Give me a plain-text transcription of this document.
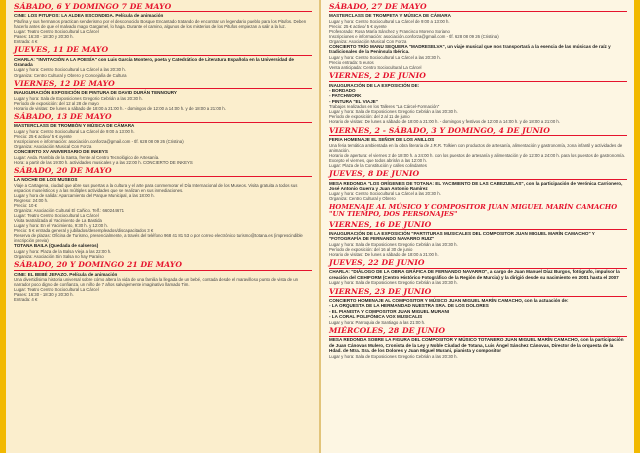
SÁBADO, 6 Y DOMINGO 7 DE MAYO
CINE: LOS PITUFOS: LA ALDEA ESCONDIDA. Película de animación
Pitufina y sus hermanos practican senderismo por el desconocido Bosque Encantado tratando de encontrar un legendario pueblo para los Pitufos. Deben hacerlo antes de que el malvado mago Gargamel, lo haga. Durante el camino, algunos de los misterios de los Pitufos empiezan a salir a la luz.
Lugar: Teatro Centro Sociocultural La Cárcel
Pases: 16:30 - 18:30 y 20:30 h.
Entrada: 4 €
JUEVES, 11 DE MAYO
CHARLA: "INVITACIÓN A LA POESÍA" con Luis García Montero, poeta y Catedrático de Literatura Española en la Universidad de Granada
Lugar y hora: Centro Sociocultural La Cárcel a las 20:30 h.
Organiza: Centro Cultural y Obrero y Concejalía de Cultura
VIERNES, 12 DE MAYO
INAUGURACIÓN EXPOSICIÓN DE PINTURA DE DAVID DURÁN TENNOURY
Lugar y hora: Sala de Exposiciones Gregorio Cebrián a las 20:30 h.
Período de exposición: del 12 al 28 de mayo
Horario de visitas: De lunes a sábado de 18:00 a 21:00 h. - domingos de 12:00 a 14:00 h. y de 18:00 a 21:00 h.
SÁBADO, 13 DE MAYO
MASTERCLASS DE TROMBÓN Y MÚSICA DE CÁMARA
Lugar y hora: Centro Sociocultural La Cárcel de 9:00 a 13:00 h.
Precio: 25 € activo/ 5 € oyente
Inscripciones e información: asociación.conforza@gmail.com - tlf. 628 08 09 26 (Cristina)
Organiza: Asociación Musical Con Forza
CONCIERTO XV ANIVERSARIO DE INKEYS
Lugar: Avda. Rambla de la Santa, frente al Centro Tecnológico de Artesanía.
Hora: a partir de las 19:00 h. actividades musicales y a las 22:00 h. CONCIERTO DE INKEYS
SÁBADO, 20 DE MAYO
LA NOCHE DE LOS MUSEOS
Viaje a Cartagena, ciudad que abre sus puertas a la cultura y el arte para conmemorar el Día Internacional de los Museos. Visita gratuita a todos sus espacios museísticos y a las múltiples actividades que se realizan en sus inmediaciones.
Lugar y hora de salida: Aparcamiento del Parque Municipal, a las 18:00 h.
Regreso: 24:00 h.
Precio: 10 €
Organiza: Asociación Cultural El Cañico. Telf.: 660244671
Lugar: Teatro Centro Sociocultural La Cárcel
Visita teatralizada al Yacimiento de La Bastida
Lugar y hora: En el Yacimiento, 9:30 h. y 12:00 h.
Precio: 5 € entrada general y jubilados/desempleados/discapacitados 3 €
Reserva de plazas: Oficina de Turismo, presencialmente, a través del teléfono 968 41 81 53 o por correo electrónico turismo@totana.es (imprescindible inscripción previa)
TOTANA BAILA (Quedada de salseros)
Lugar y hora: Plaza de la Balsa Vieja a las 22:00 h.
Organiza: Asociación Sin Salsa no hay Paraíso
SÁBADO, 20 Y DOMINGO 21 DE MAYO
CINE: EL BEBÉ JEFAZO. Película de animación
Una divertidísima historia universal sobre cómo altera la vida de una familia la llegada de un bebé, contada desde el maravilloso punto de vista de un narrador poco digno de confianza, un niño de 7 años salvajemente imaginativo llamado Tim.
Lugar: Teatro Centro Sociocultural La Cárcel
Pases: 16:30 - 18:30 y 20:30 h.
Entrada: 4 €
SÁBADO, 27 DE MAYO
MASTERCLASS DE TROMPETA Y MÚSICA DE CÁMARA
Lugar y hora: Centro Sociocultural La Cárcel de 9:00 a 13:00 h.
Precio: 25 € activo/ 5 € oyente
Profesorado: Rosa María Sánchez y Francisco Moreno Soriano
Inscripciones e información: asociación.conforza@gmail.com - tlf. 628 08 09 26 (Cristina)
Organiza: Asociación Musical Con Forza
CONCIERTO TRÍO MANU SEQUERA "MADRESELVA", un viaje musical que nos transportará a la esencia de las músicas de raíz y tradicionales de la Península Ibérica.
Lugar y hora: Centro Sociocultural La Cárcel a las 20:30 h.
Precio entrada: 5 euros
Venta anticipada: Centro Sociocultural La Cárcel
VIERNES, 2 DE JUNIO
INAUGURACIÓN DE LA EXPOSICIÓN DE:
- BORDADO
- PATCHWORK
- PINTURA "EL VIAJE"
Trabajos realizados en los Talleres "La Cárcel-Formación"
Lugar y hora: Sala de Exposiciones Gregorio Cebrián a las 20:30 h.
Período de exposición: del 2 al 11 de junio
Horario de visitas: De lunes a sábado de 18:00 a 21:00 h. - domingos y festivos de 12:00 a 14:00 h. y de 18:00 a 21:00 h.
VIERNES, 2 - SÁBADO, 3 Y DOMINGO, 4 DE JUNIO
FERIA HOMENAJE EL SEÑOR DE LOS ANILLOS
Una feria temática ambientada en la obra literaria de J.R.R. Tolkien con productos de artesanía, alimentación y gastronomía, zona infantil y actividades de animación.
Horario de apertura: el viernes 2 de 18:00 h. a 24:00 h. con los puestos de artesanía y alimentación y de 12:00 a 24:00 h. para los puestos de gastronomía. Excepto el viernes, que todos abrirán a las 12:00 h.
Lugar: Plaza de la Constitución y calles colindantes
JUEVES, 8 DE JUNIO
MESA REDONDA "LOS ORÍGENES DE TOTANA: EL YACIMIENTO DE LAS CABEZUELAS", con la participación de Verónica Carrionero, José Antonio Guerra y Juan Antonio Ramírez
Lugar y hora: Centro Sociocultural La Cárcel a las 20:30 h.
Organiza: Centro Cultural y Obrero
HOMENAJE AL MÚSICO Y COMPOSITOR JUAN MIGUEL MARÍN CAMACHO "UN TIEMPO, DOS PERSONAJES"
VIERNES, 16 DE JUNIO
INAUGURACIÓN DE LA EXPOSICIÓN "PARTITURAS MUSICALES DEL COMPOSITOR JUAN MIGUEL MARÍN CAMACHO" Y "FOTOGRAFÍA DE FERNANDO NAVARRO RUIZ"
Lugar y hora: Sala de Exposiciones Gregorio Cebrián a las 20:30 h.
Período de exposición: del 16 al 30 de junio
Horario de visitas: De lunes a sábado de 18:00 a 21:00 h.
JUEVES, 22 DE JUNIO
CHARLA: "DIÁLOGO DE LA OBRA GRÁFICA DE FERNANDO NAVARRO", a cargo de Juan Manuel Díaz Burgos, fotógrafo, impulsor la creación del CEHIFORM (Centro Histórico Fotográfico de la Región de Murcia) y la dirigió desde su nacimiento en 2001 hasta el 2007
Lugar y hora: Sala de Exposiciones Gregorio Cebrián a las 20:30 h.
VIERNES, 23 DE JUNIO
CONCIERTO HOMENAJE AL COMPOSITOR Y MÚSICO JUAN MIGUEL MARÍN CAMACHO, con la actuación de:
- LA ORQUESTA DE LA HERMANDAD NUESTRA SRA. DE LOS DOLORES
- EL PIANISTA Y COMPOSITOR JUAN MIGUEL MURANI
- LA CORAL POLIFÓNICA VOX MUSICALIS
Lugar y hora: Parroquia de Santiago a las 21:00 h.
MIÉRCOLES, 28 DE JUNIO
MESA REDONDA SOBRE LA FIGURA DEL COMPOSITOR Y MÚSICO TOTANERO JUAN MIGUEL MARÍN CAMACHO, con la participación de Juan Cánovas Mulero, Cronista de la Ley y Noble Ciudad de Totana, Luis Ángel Sánchez Cánovas, Director de la orquesta de la Hdad. de Ntra. Sra. de los Dolores y Juan Miguel Murani, pianista y compositor
Lugar y hora: Sala de Exposiciones Gregorio Cebrián a las 20:30 h.
